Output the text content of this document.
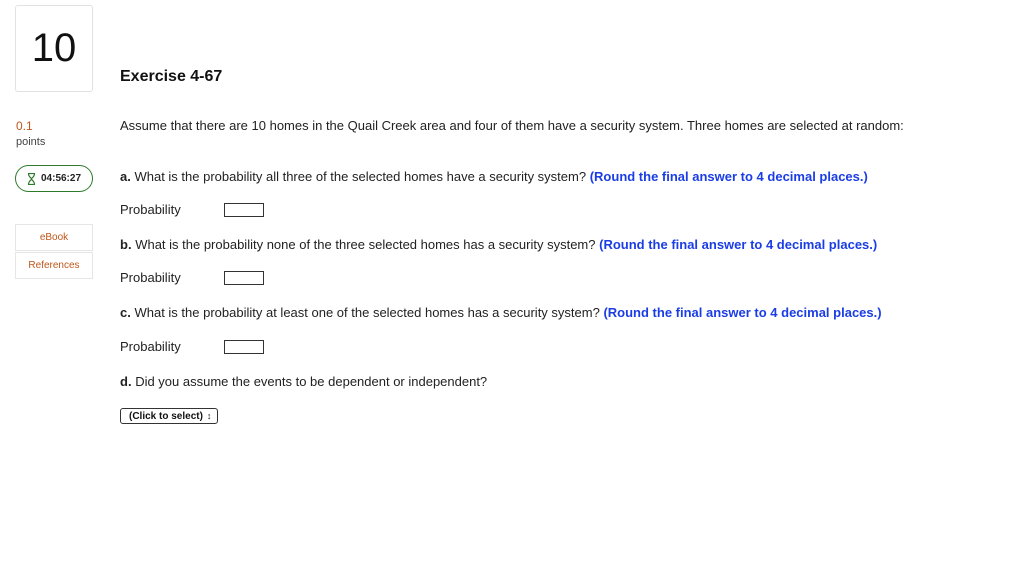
10
0.1
points
04:56:27
eBook
References
Exercise 4-67
Assume that there are 10 homes in the Quail Creek area and four of them have a security system. Three homes are selected at random:
a. What is the probability all three of the selected homes have a security system? (Round the final answer to 4 decimal places.)
Probability
b. What is the probability none of the three selected homes has a security system? (Round the final answer to 4 decimal places.)
Probability
c. What is the probability at least one of the selected homes has a security system? (Round the final answer to 4 decimal places.)
Probability
d. Did you assume the events to be dependent or independent?
(Click to select) ↕
